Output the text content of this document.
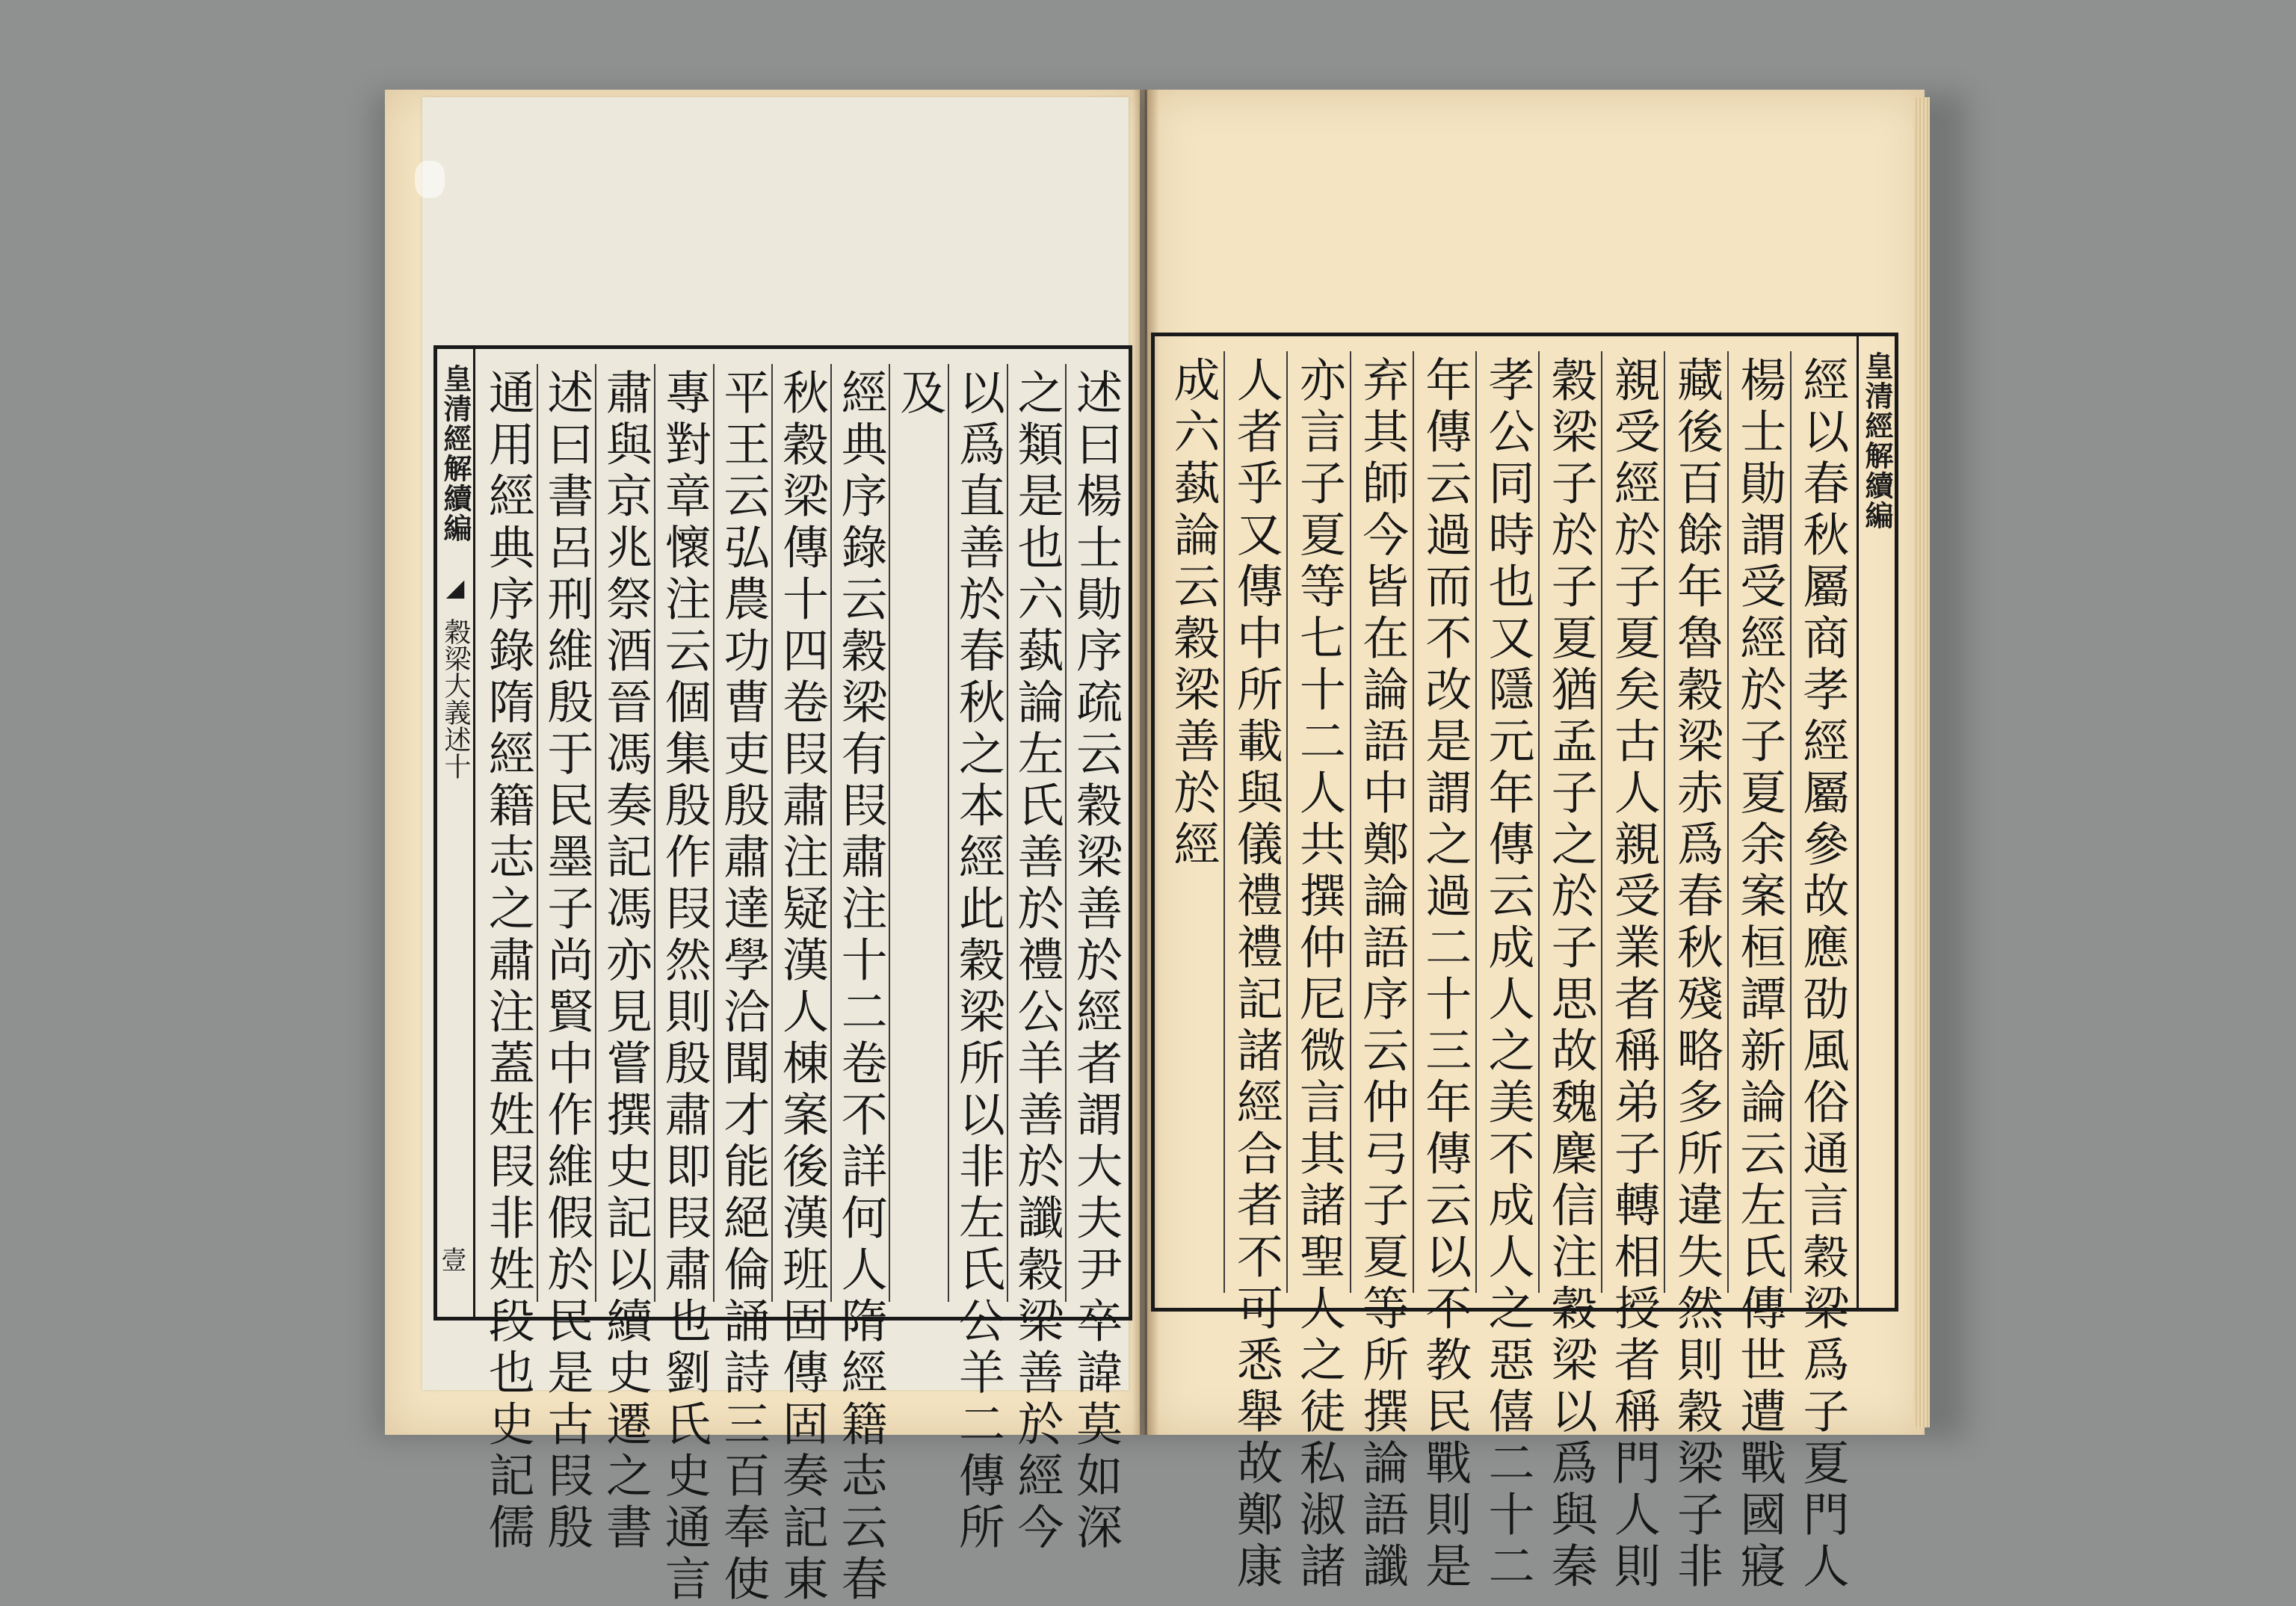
皇清經解續編
◢
穀梁大義述十
壹	述曰楊士勛序疏云穀梁善於經者謂大夫尹卒諱莫如深
之類是也六蓺論左氏善於禮公羊善於讖穀梁善於經今
以爲直善於春秋之本經此穀梁所以非左氏公羊二傳所
及
經典序錄云穀梁有叚肅注十二卷不詳何人隋經籍志云春
秋穀梁傳十四卷叚肅注疑漢人棟案後漢班固傳固奏記東
平王云弘農功曹吏殷肅達學洽聞才能絕倫誦詩三百奉使
專對章懷注云個集殷作叚然則殷肅即叚肅也劉氏史通言
肅與京兆祭酒晉馮奏記馮亦見嘗撰史記以續史遷之書
述曰書呂刑維殷于民墨子尚賢中作維假於民是古叚殷
通用經典序錄隋經籍志之肅注蓋姓叚非姓段也史記儒	皇清經解續編
經以春秋屬商孝經屬參故應劭風俗通言穀梁爲子夏門人
楊士勛謂受經於子夏余案桓譚新論云左氏傳世遭戰國寢
藏後百餘年魯穀梁赤爲春秋殘略多所違失然則穀梁子非
親受經於子夏矣古人親受業者稱弟子轉相授者稱門人則
穀梁子於子夏猶孟子之於子思故魏麇信注穀梁以爲與秦
孝公同時也又隱元年傳云成人之美不成人之惡僖二十二
年傳云過而不改是謂之過二十三年傳云以不教民戰則是
弃其師今皆在論語中鄭論語序云仲弓子夏等所撰論語讖
亦言子夏等七十二人共撰仲尼微言其諸聖人之徒私淑諸
人者乎又傳中所載與儀禮禮記諸經合者不可悉舉故鄭康
成六蓺論云穀梁善於經
